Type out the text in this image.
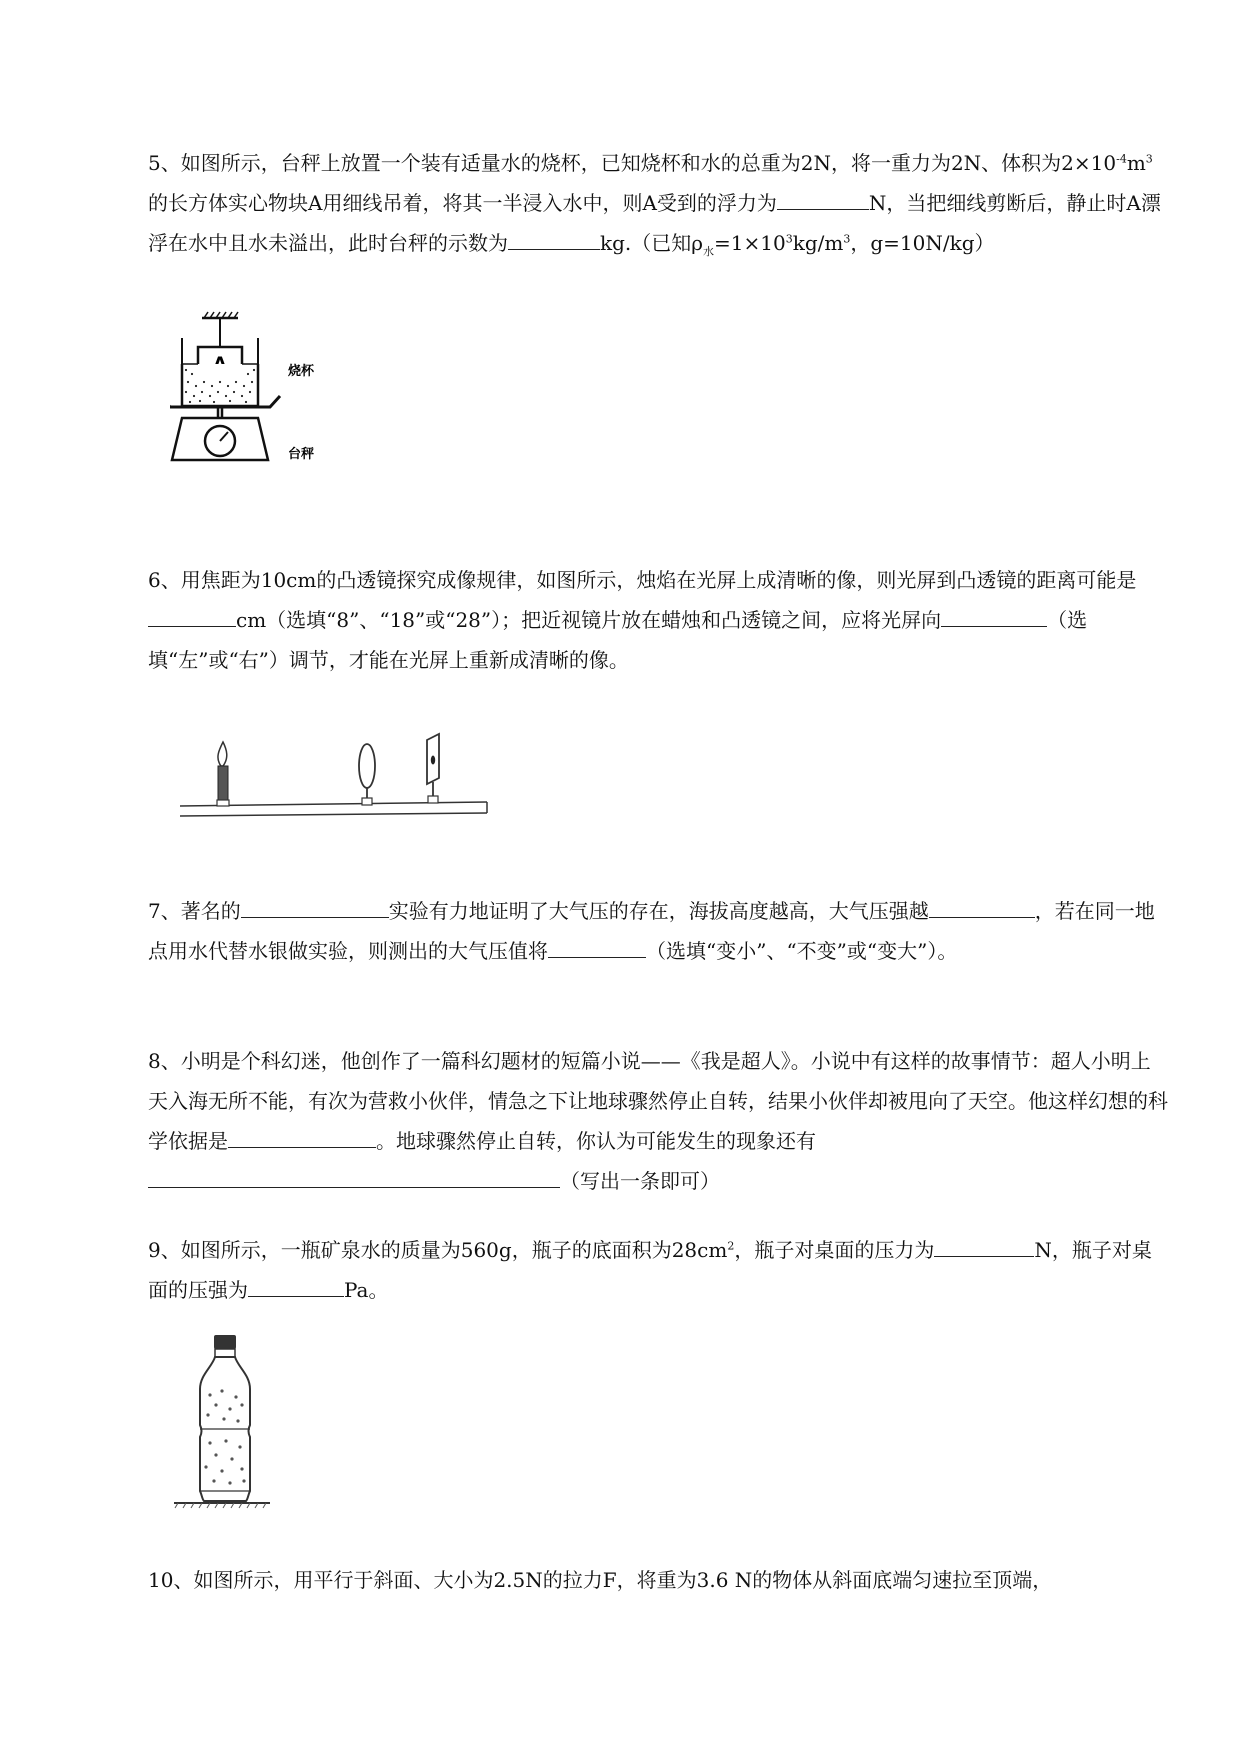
5、如图所示，台秤上放置一个装有适量水的烧杯，已知烧杯和水的总重为2N，将一重力为2N、体积为$2\times 10^{-4}m^3$的长方体实心物块A用细线吊着，将其一半浸入水中，则A受到的浮力为	N，当把细线剪断后，静止时A漂浮在水中且水未溢出，此时台秤的示数为	kg.（已知$\rho_水=1\times 10^3kg/m^3$，g=10N/kg）
烧杯
台秤
6、用焦距为10cm的凸透镜探究成像规律，如图所示，烛焰在光屏上成清晰的像，则光屏到凸透镜的距离可能是cm（选填“8”、“18”或“28”）；把近视镜片放在蜡烛和凸透镜之间，应将光屏向	（选填“左”或“右”）调节，才能在光屏上重新成清晰的像。
7、著名的	实验有力地证明了大气压的存在，海拔高度越高，大气压强越	，若在同一地点用水代替水银做实验，则测出的大气压值将	（选填“变小”、“不变”或“变大”）。
8、小明是个科幻迷，他创作了一篇科幻题材的短篇小说——《我是超人》。小说中有这样的故事情节：超人小明上天入海无所不能，有次为营救小伙伴，情急之下让地球骤然停止自转，结果小伙伴却被甩向了天空。他这样幻想的科学依据是	。地球骤然停止自转，你认为可能发生的现象还有（写出一条即可）
9、如图所示，一瓶矿泉水的质量为560g，瓶子的底面积为$28cm^2$，瓶子对桌面的压力为	N，瓶子对桌面的压强为	Pa。
10、如图所示，用平行于斜面、大小为2.5N的拉力F，将重为3.6 N的物体从斜面底端匀速拉至顶端，
